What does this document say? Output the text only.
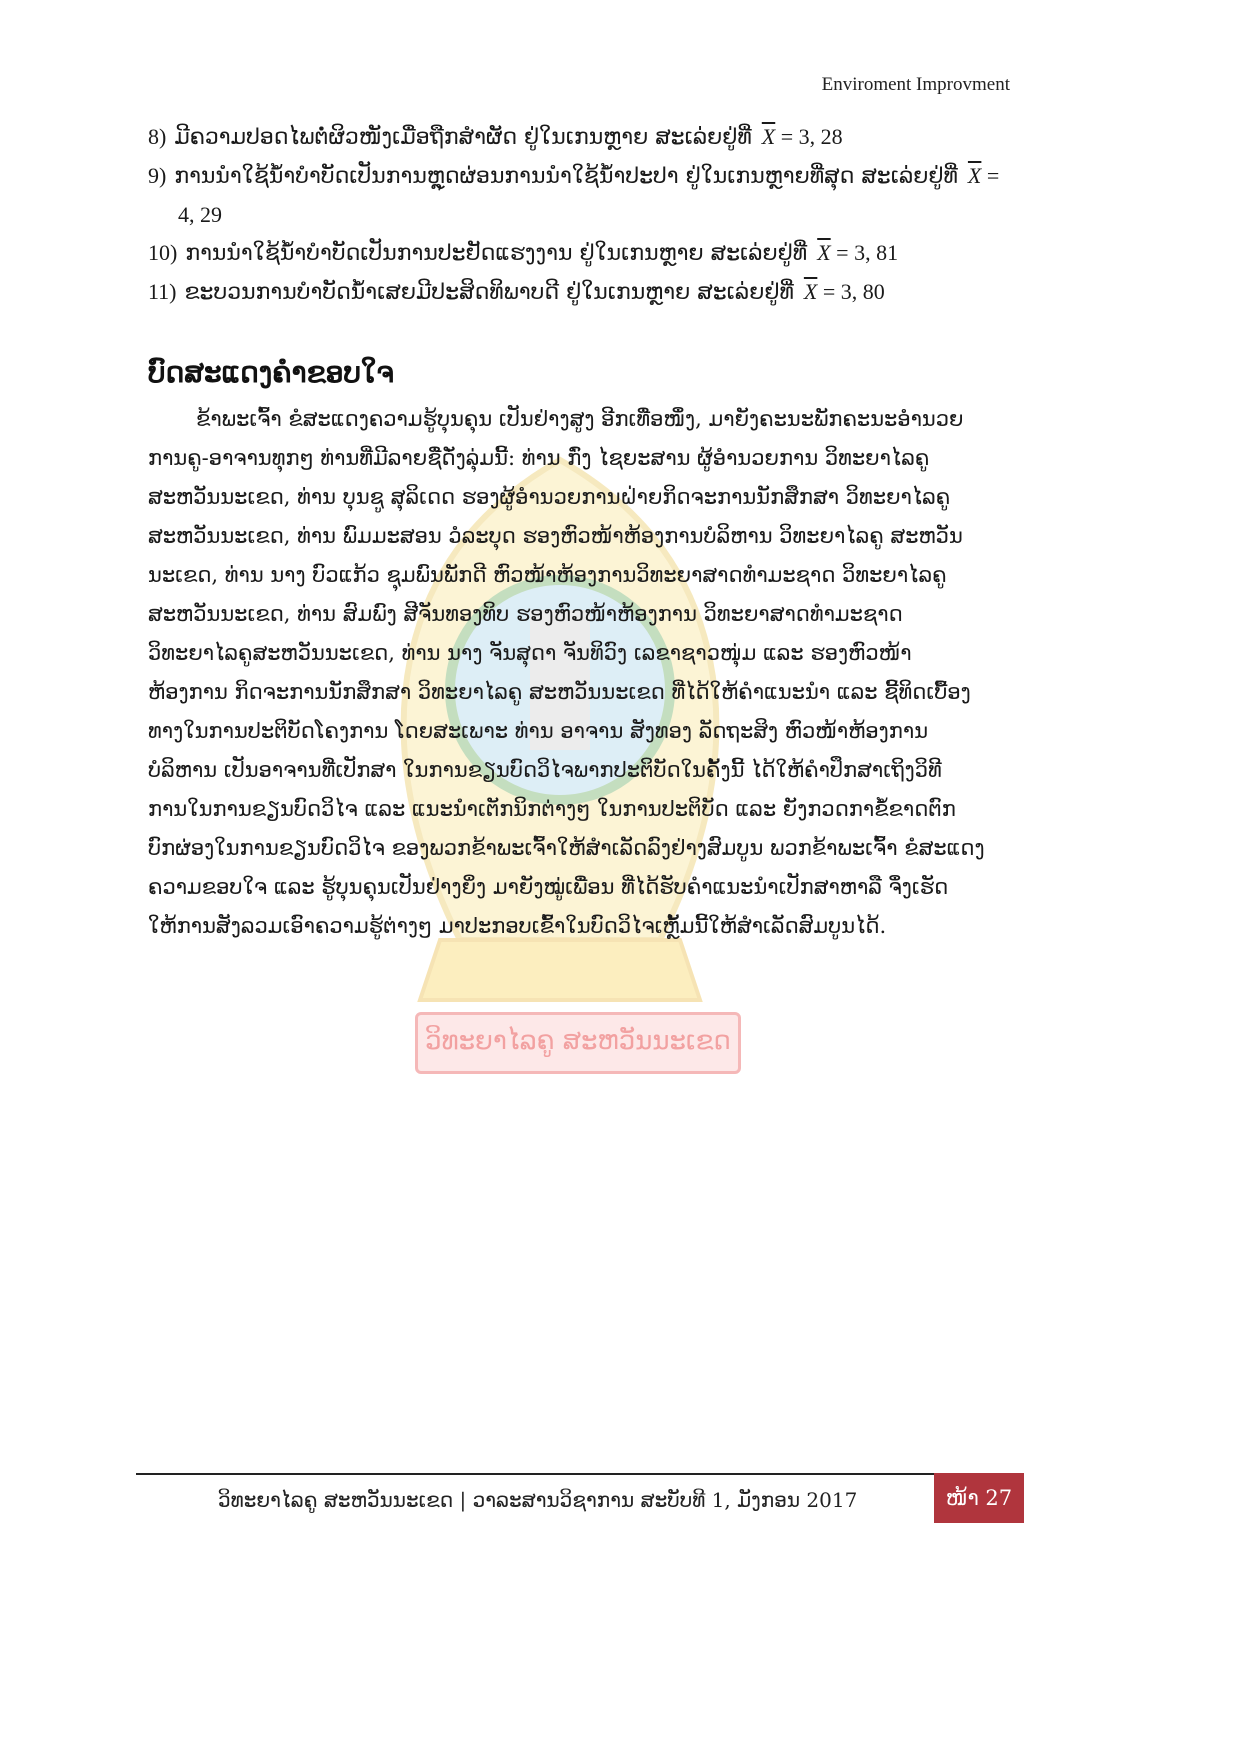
Enviroment Improvment
8) ມີຄວາມປອດໄພຕໍ່ຜິວໜັງເມື່ອຖືກສໍາຜັດ ຢູ່ໃນເກນຫຼາຍ ສະເລ່ຍຢູ່ທີ່ $\overline{X} = 3$, 28
9) ການນໍາໃຊ້ນໍ້າບໍາບັດເປັນການຫຼຸດຜ່ອນການນໍາໃຊ້ນໍ້າປະປາ ຢູ່ໃນເກນຫຼາຍທີ່ສຸດ ສະເລ່ຍຢູ່ທີ່ $\overline{X}$ =
4, 29
10) ການນໍາໃຊ້ນໍ້າບໍາບັດເປັນການປະຢັດແຮງງານ ຢູ່ໃນເກນຫຼາຍ ສະເລ່ຍຢູ່ທີ່ $\overline{X} = 3$, 81
11) ຂະບວນການບໍາບັດນໍ້າເສຍມີປະສິດທິພາບດີ ຢູ່ໃນເກນຫຼາຍ ສະເລ່ຍຢູ່ທີ່ $\overline{X} = 3$, 80
ວິທະຍາໄລຄູ ສະຫວັນນະເຂດ
ບົດສະແດງຄໍາຂອບໃຈ
ຂ້າພະເຈົ້າ ຂໍສະແດງຄວາມຮູ້ບຸນຄຸນ ເປັນຢ່າງສູງ ອີກເທື່ອໜຶ່ງ, ມາຍັງຄະນະພັກຄະນະອໍານວຍ
ການຄູ-ອາຈານທຸກໆ ທ່ານທີ່ມີລາຍຊື່ດັ່ງລຸ່ມນີ້: ທ່ານ ກົ່ງ ໄຊຍະສານ ຜູ້ອໍານວຍການ ວິທະຍາໄລຄູ
ສະຫວັນນະເຂດ, ທ່ານ ບຸນຊູ ສຸລິເດດ ຮອງຜູ້ອໍານວຍການຝ່າຍກິດຈະການນັກສຶກສາ ວິທະຍາໄລຄູ
ສະຫວັນນະເຂດ, ທ່ານ ພົມມະສອນ ວໍລະບຸດ ຮອງຫົວໜ້າຫ້ອງການບໍລິຫານ ວິທະຍາໄລຄູ ສະຫວັນ
ນະເຂດ, ທ່ານ ນາງ ບົວແກ້ວ ຊຸມພົນພັກດີ ຫົວໜ້າຫ້ອງການວິທະຍາສາດທໍາມະຊາດ ວິທະຍາໄລຄູ
ສະຫວັນນະເຂດ, ທ່ານ ສົມພົງ ສີຈັນທອງທິບ ຮອງຫົວໜ້າຫ້ອງການ ວິທະຍາສາດທໍາມະຊາດ
ວິທະຍາໄລຄູສະຫວັນນະເຂດ, ທ່ານ ນາງ ຈັນສຸດາ ຈັນທິວົງ ເລຂາຊາວໜຸ່ມ ແລະ ຮອງຫົວໜ້າ
ຫ້ອງການ ກິດຈະການນັກສຶກສາ ວິທະຍາໄລຄູ ສະຫວັນນະເຂດ ທີ່ໄດ້ໃຫ້ຄໍາແນະນໍາ ແລະ ຊີ້ທິດເບື້ອງ
ທາງໃນການປະຕິບັດໂຄງການ ໂດຍສະເພາະ ທ່ານ ອາຈານ ສັງທອງ ລັດຖະສິງ ຫົວໜ້າຫ້ອງການ
ບໍລິຫານ ເປັນອາຈານທີ່ເປັກສາ ໃນການຂຽນບົດວິໄຈພາກປະຕິບັດໃນຄັ້ງນີ້ ໄດ້ໃຫ້ຄໍາປຶກສາເຖິງວິທີ
ການໃນການຂຽນບົດວິໄຈ ແລະ ແນະນໍາເຕັກນິກຕ່າງໆ ໃນການປະຕິບັດ ແລະ ຍັງກວດກາຂໍ້ຂາດຕົກ
ບົກຜ່ອງໃນການຂຽນບົດວິໄຈ ຂອງພວກຂ້າພະເຈົ້າໃຫ້ສໍາເລັດລົງຢ່າງສົມບູນ ພວກຂ້າພະເຈົ້າ ຂໍສະແດງ
ຄວາມຂອບໃຈ ແລະ ຮູ້ບຸນຄຸນເປັນຢ່າງຍິ່ງ ມາຍັງໝູ່ເພື່ອນ ທີ່ໄດ້ຮັບຄໍາແນະນໍາເປັກສາຫາລື ຈຶ່ງເຮັດ
ໃຫ້ການສັງລວມເອົາຄວາມຮູ້ຕ່າງໆ ມາປະກອບເຂົ້າໃນບົດວິໄຈເຫຼັ້ມນີ້ໃຫ້ສໍາເລັດສົມບູນໄດ້.
ວິທະຍາໄລຄູ ສະຫວັນນະເຂດ | ວາລະສານວິຊາການ ສະບັບທີ 1, ມັງກອນ 2017	ໜ້າ 27
